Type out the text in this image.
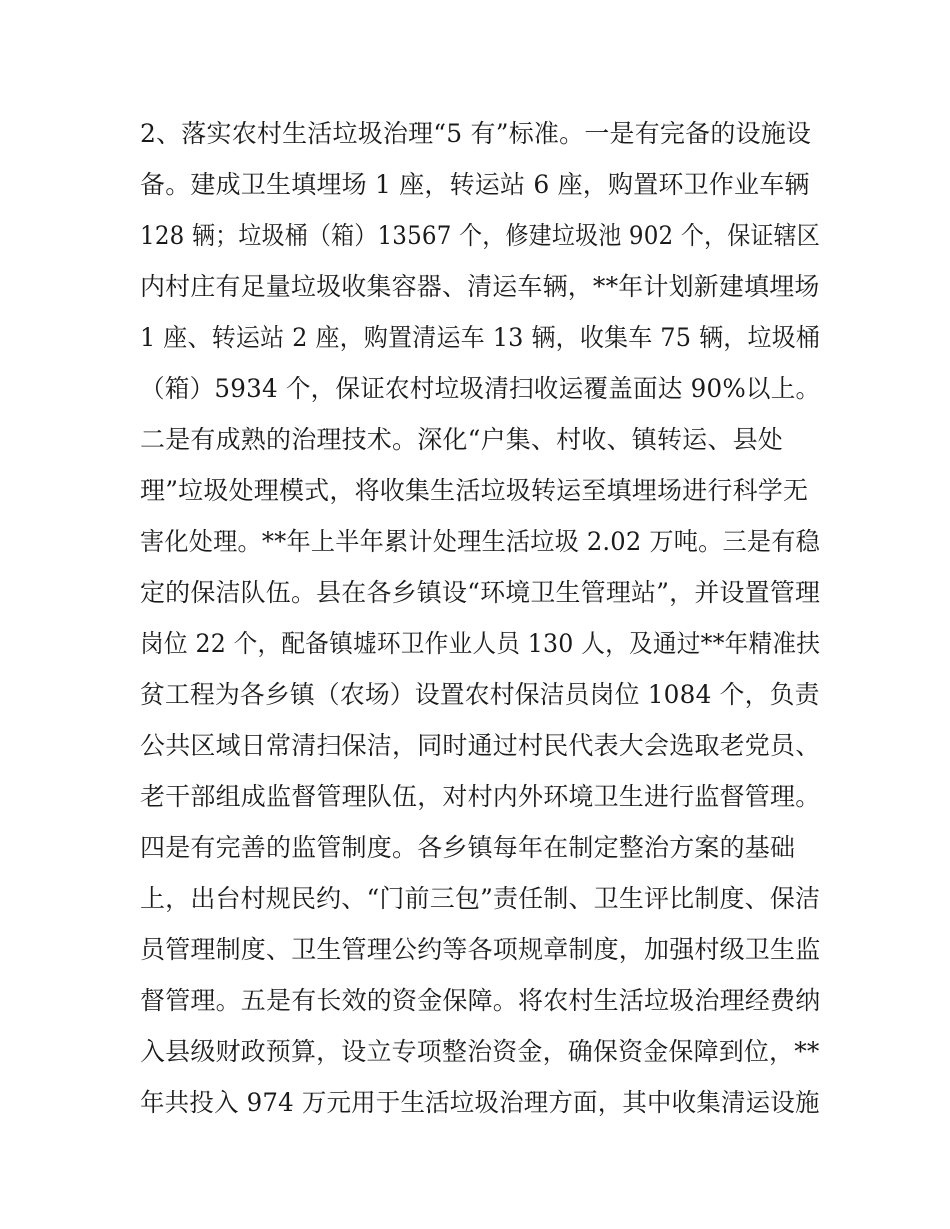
2、落实农村生活垃圾治理“5 有”标准。一是有完备的设施设
备。建成卫生填埋场 1 座，转运站 6 座，购置环卫作业车辆
128 辆；垃圾桶（箱）13567 个，修建垃圾池 902 个，保证辖区
内村庄有足量垃圾收集容器、清运车辆，**年计划新建填埋场
1 座、转运站 2 座，购置清运车 13 辆，收集车 75 辆，垃圾桶
（箱）5934 个，保证农村垃圾清扫收运覆盖面达 90%以上。
二是有成熟的治理技术。深化“户集、村收、镇转运、县处
理”垃圾处理模式，将收集生活垃圾转运至填埋场进行科学无
害化处理。**年上半年累计处理生活垃圾 2.02 万吨。三是有稳
定的保洁队伍。县在各乡镇设“环境卫生管理站”，并设置管理
岗位 22 个，配备镇墟环卫作业人员 130 人，及通过**年精准扶
贫工程为各乡镇（农场）设置农村保洁员岗位 1084 个，负责
公共区域日常清扫保洁，同时通过村民代表大会选取老党员、
老干部组成监督管理队伍，对村内外环境卫生进行监督管理。
四是有完善的监管制度。各乡镇每年在制定整治方案的基础
上，出台村规民约、“门前三包”责任制、卫生评比制度、保洁
员管理制度、卫生管理公约等各项规章制度，加强村级卫生监
督管理。五是有长效的资金保障。将农村生活垃圾治理经费纳
入县级财政预算，设立专项整治资金，确保资金保障到位，**
年共投入 974 万元用于生活垃圾治理方面，其中收集清运设施
